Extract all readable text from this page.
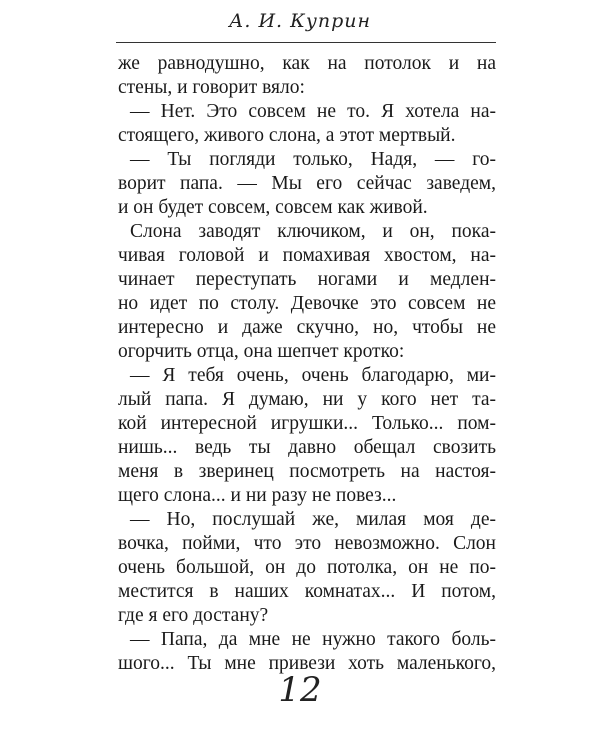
А. И. Куприн
же равнодушно, как на потолок и на
стены, и говорит вяло:
— Нет. Это совсем не то. Я хотела на-
стоящего, живого слона, а этот мертвый.
— Ты погляди только, Надя, — го-
ворит папа. — Мы его сейчас заведем,
и он будет совсем, совсем как живой.
Слона заводят ключиком, и он, пока-
чивая головой и помахивая хвостом, на-
чинает переступать ногами и медлен-
но идет по столу. Девочке это совсем не
интересно и даже скучно, но, чтобы не
огорчить отца, она шепчет кротко:
— Я тебя очень, очень благодарю, ми-
лый папа. Я думаю, ни у кого нет та-
кой интересной игрушки... Только... пом-
нишь... ведь ты давно обещал свозить
меня в зверинец посмотреть на настоя-
щего слона... и ни разу не повез...
— Но, послушай же, милая моя де-
вочка, пойми, что это невозможно. Слон
очень большой, он до потолка, он не по-
местится в наших комнатах... И потом,
где я его достану?
— Папа, да мне не нужно такого боль-
шого... Ты мне привези хоть маленького,
12
